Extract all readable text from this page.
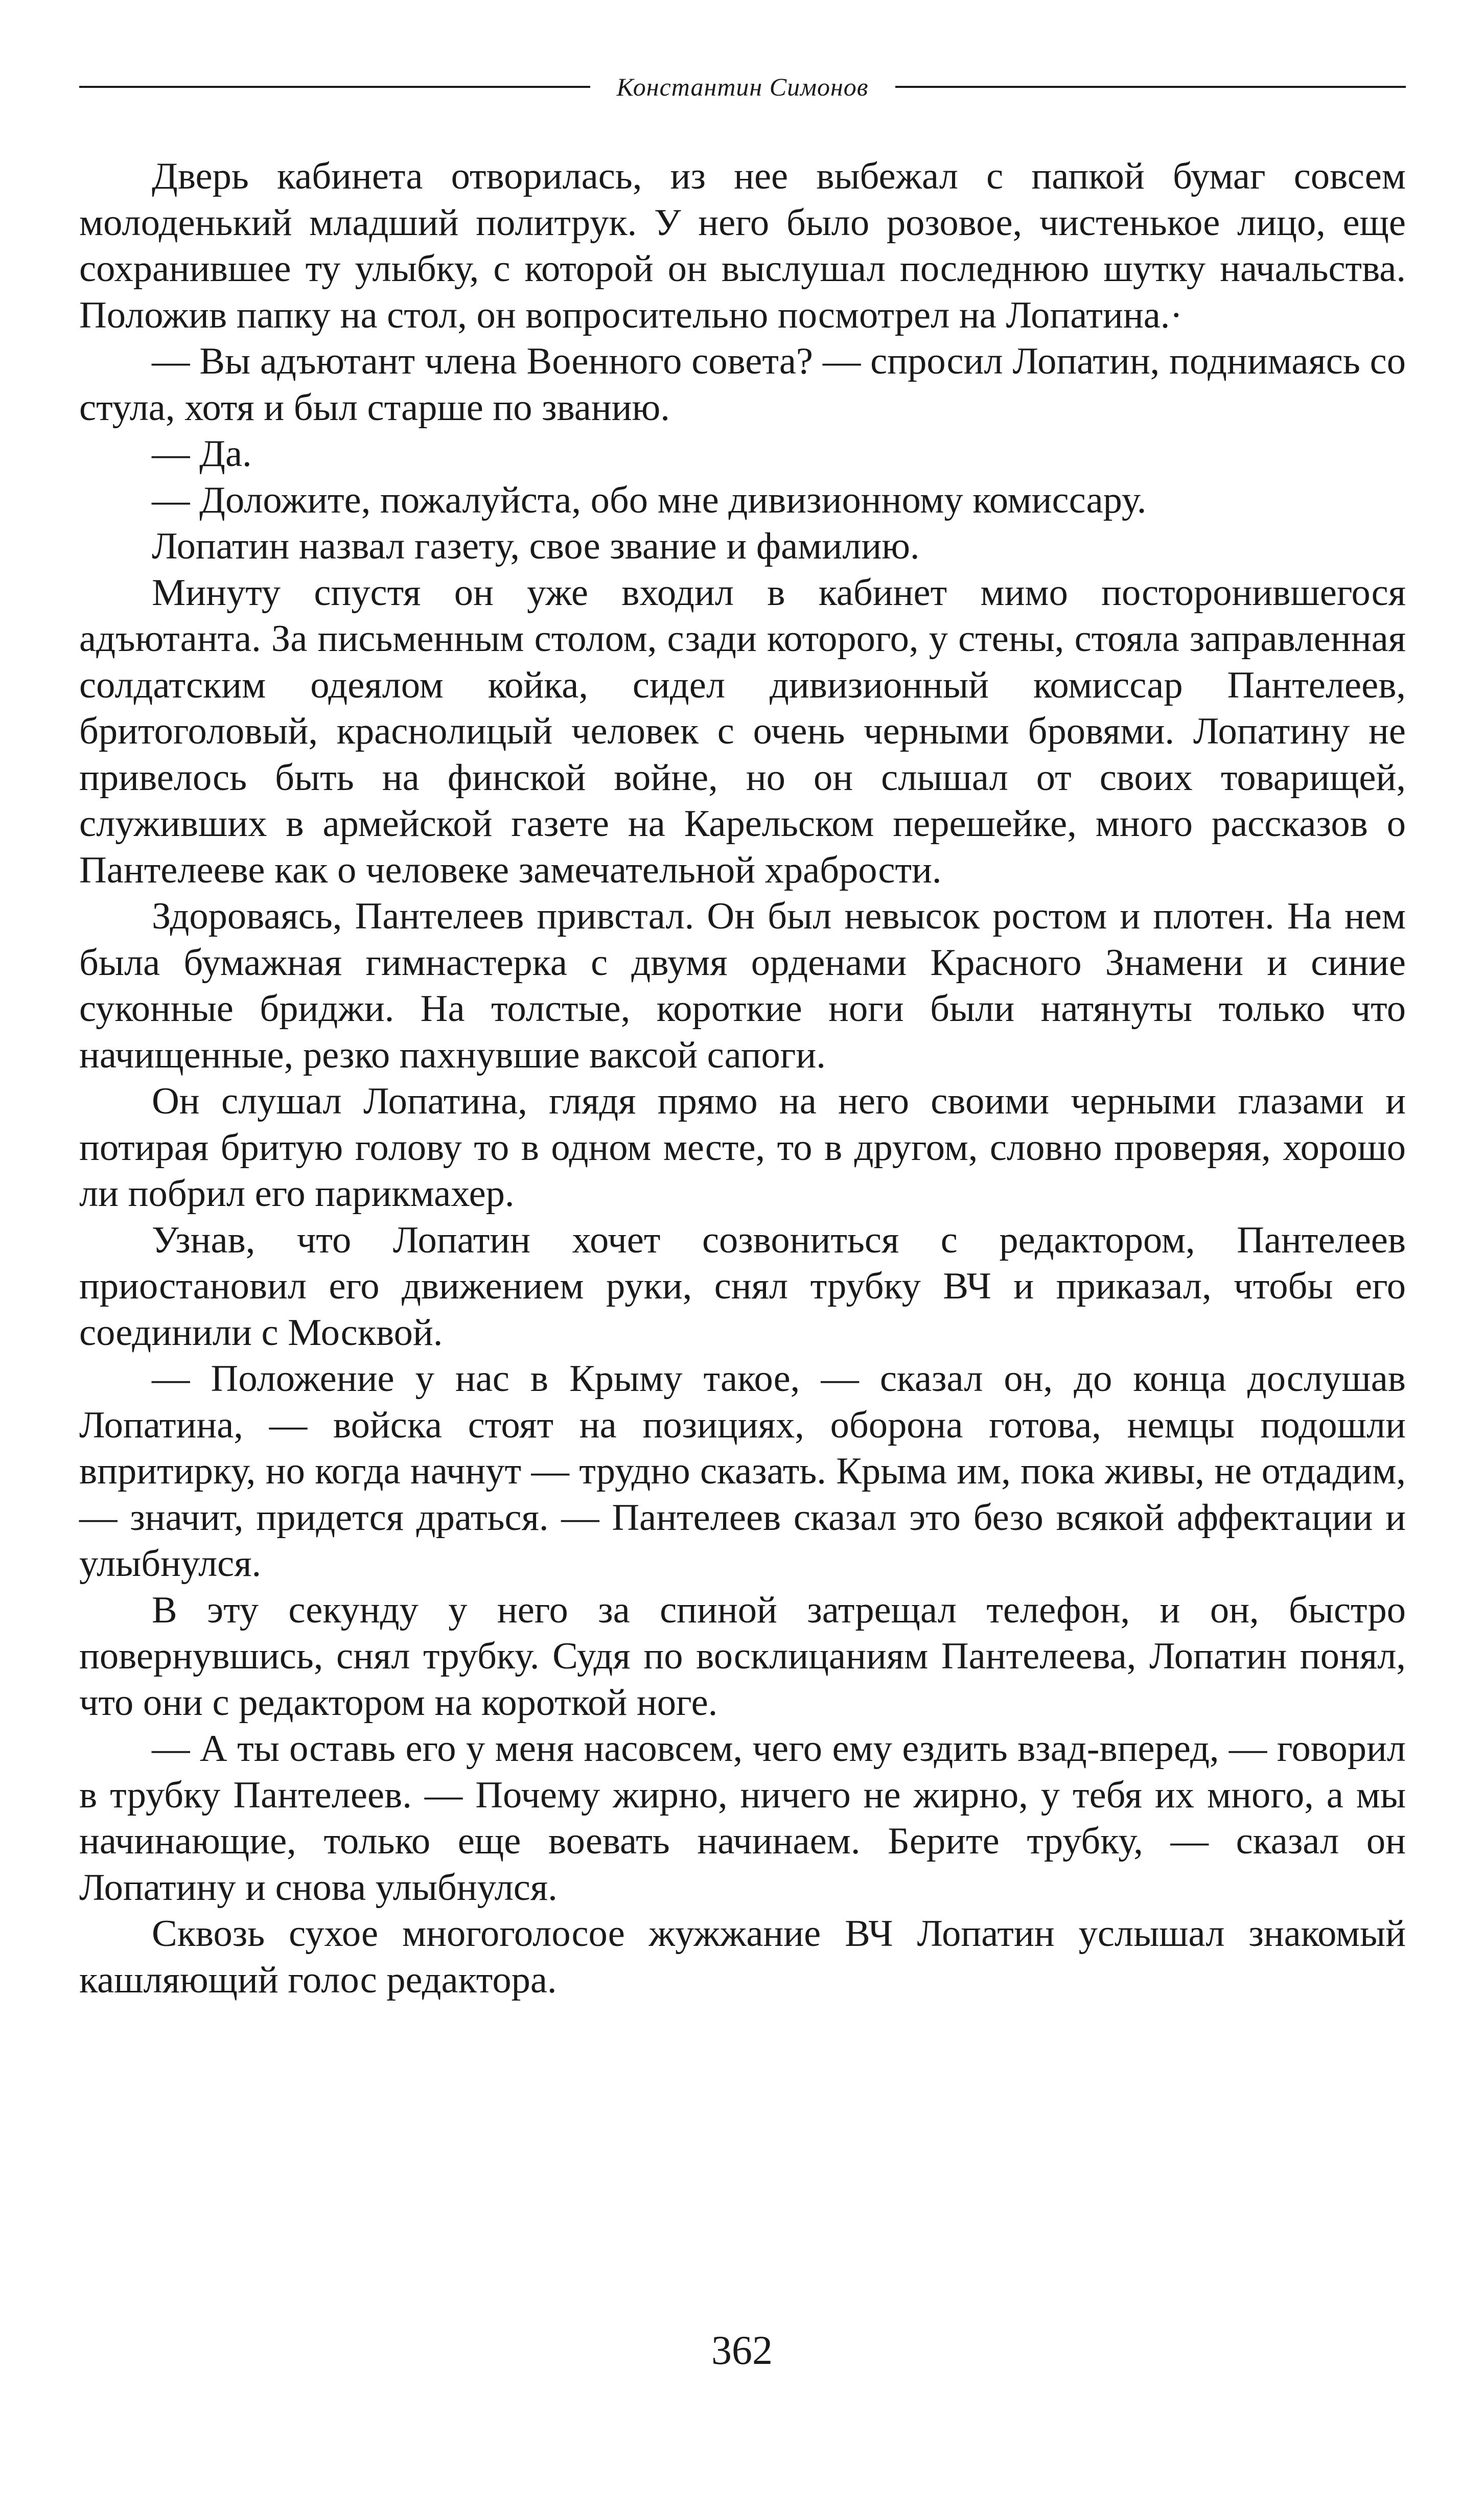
Константин Симонов

Дверь кабинета отворилась, из нее выбежал с папкой бумаг совсем молоденький младший политрук. У него было розовое, чистенькое лицо, еще сохранившее ту улыбку, с которой он выслушал последнюю шутку начальства. Положив папку на стол, он вопросительно посмотрел на Лопатина.·

— Вы адъютант члена Военного совета? — спросил Лопатин, поднимаясь со стула, хотя и был старше по званию.

— Да.

— Доложите, пожалуйста, обо мне дивизионному комиссару.

Лопатин назвал газету, свое звание и фамилию.

Минуту спустя он уже входил в кабинет мимо посторонившегося адъютанта. За письменным столом, сзади которого, у стены, стояла заправленная солдатским одеялом койка, сидел дивизионный комиссар Пантелеев, бритоголовый, краснолицый человек с очень черными бровями. Лопатину не привелось быть на финской войне, но он слышал от своих товарищей, служивших в армейской газете на Карельском перешейке, много рассказов о Пантелееве как о человеке замечательной храбрости.

Здороваясь, Пантелеев привстал. Он был невысок ростом и плотен. На нем была бумажная гимнастерка с двумя орденами Красного Знамени и синие суконные бриджи. На толстые, короткие ноги были натянуты только что начищенные, резко пахнувшие ваксой сапоги.

Он слушал Лопатина, глядя прямо на него своими черными глазами и потирая бритую голову то в одном месте, то в другом, словно проверяя, хорошо ли побрил его парикмахер.

Узнав, что Лопатин хочет созвониться с редактором, Пантелеев приостановил его движением руки, снял трубку ВЧ и приказал, чтобы его соединили с Москвой.

— Положение у нас в Крыму такое, — сказал он, до конца дослушав Лопатина, — войска стоят на позициях, оборона готова, немцы подошли впритирку, но когда начнут — трудно сказать. Крыма им, пока живы, не отдадим, — значит, придется драться. — Пантелеев сказал это безо всякой аффектации и улыбнулся.

В эту секунду у него за спиной затрещал телефон, и он, быстро повернувшись, снял трубку. Судя по восклицаниям Пантелеева, Лопатин понял, что они с редактором на короткой ноге.

— А ты оставь его у меня насовсем, чего ему ездить взад-вперед, — говорил в трубку Пантелеев. — Почему жирно, ничего не жирно, у тебя их много, а мы начинающие, только еще воевать начинаем. Берите трубку, — сказал он Лопатину и снова улыбнулся.

Сквозь сухое многоголосое жужжание ВЧ Лопатин услышал знакомый кашляющий голос редактора.

362
